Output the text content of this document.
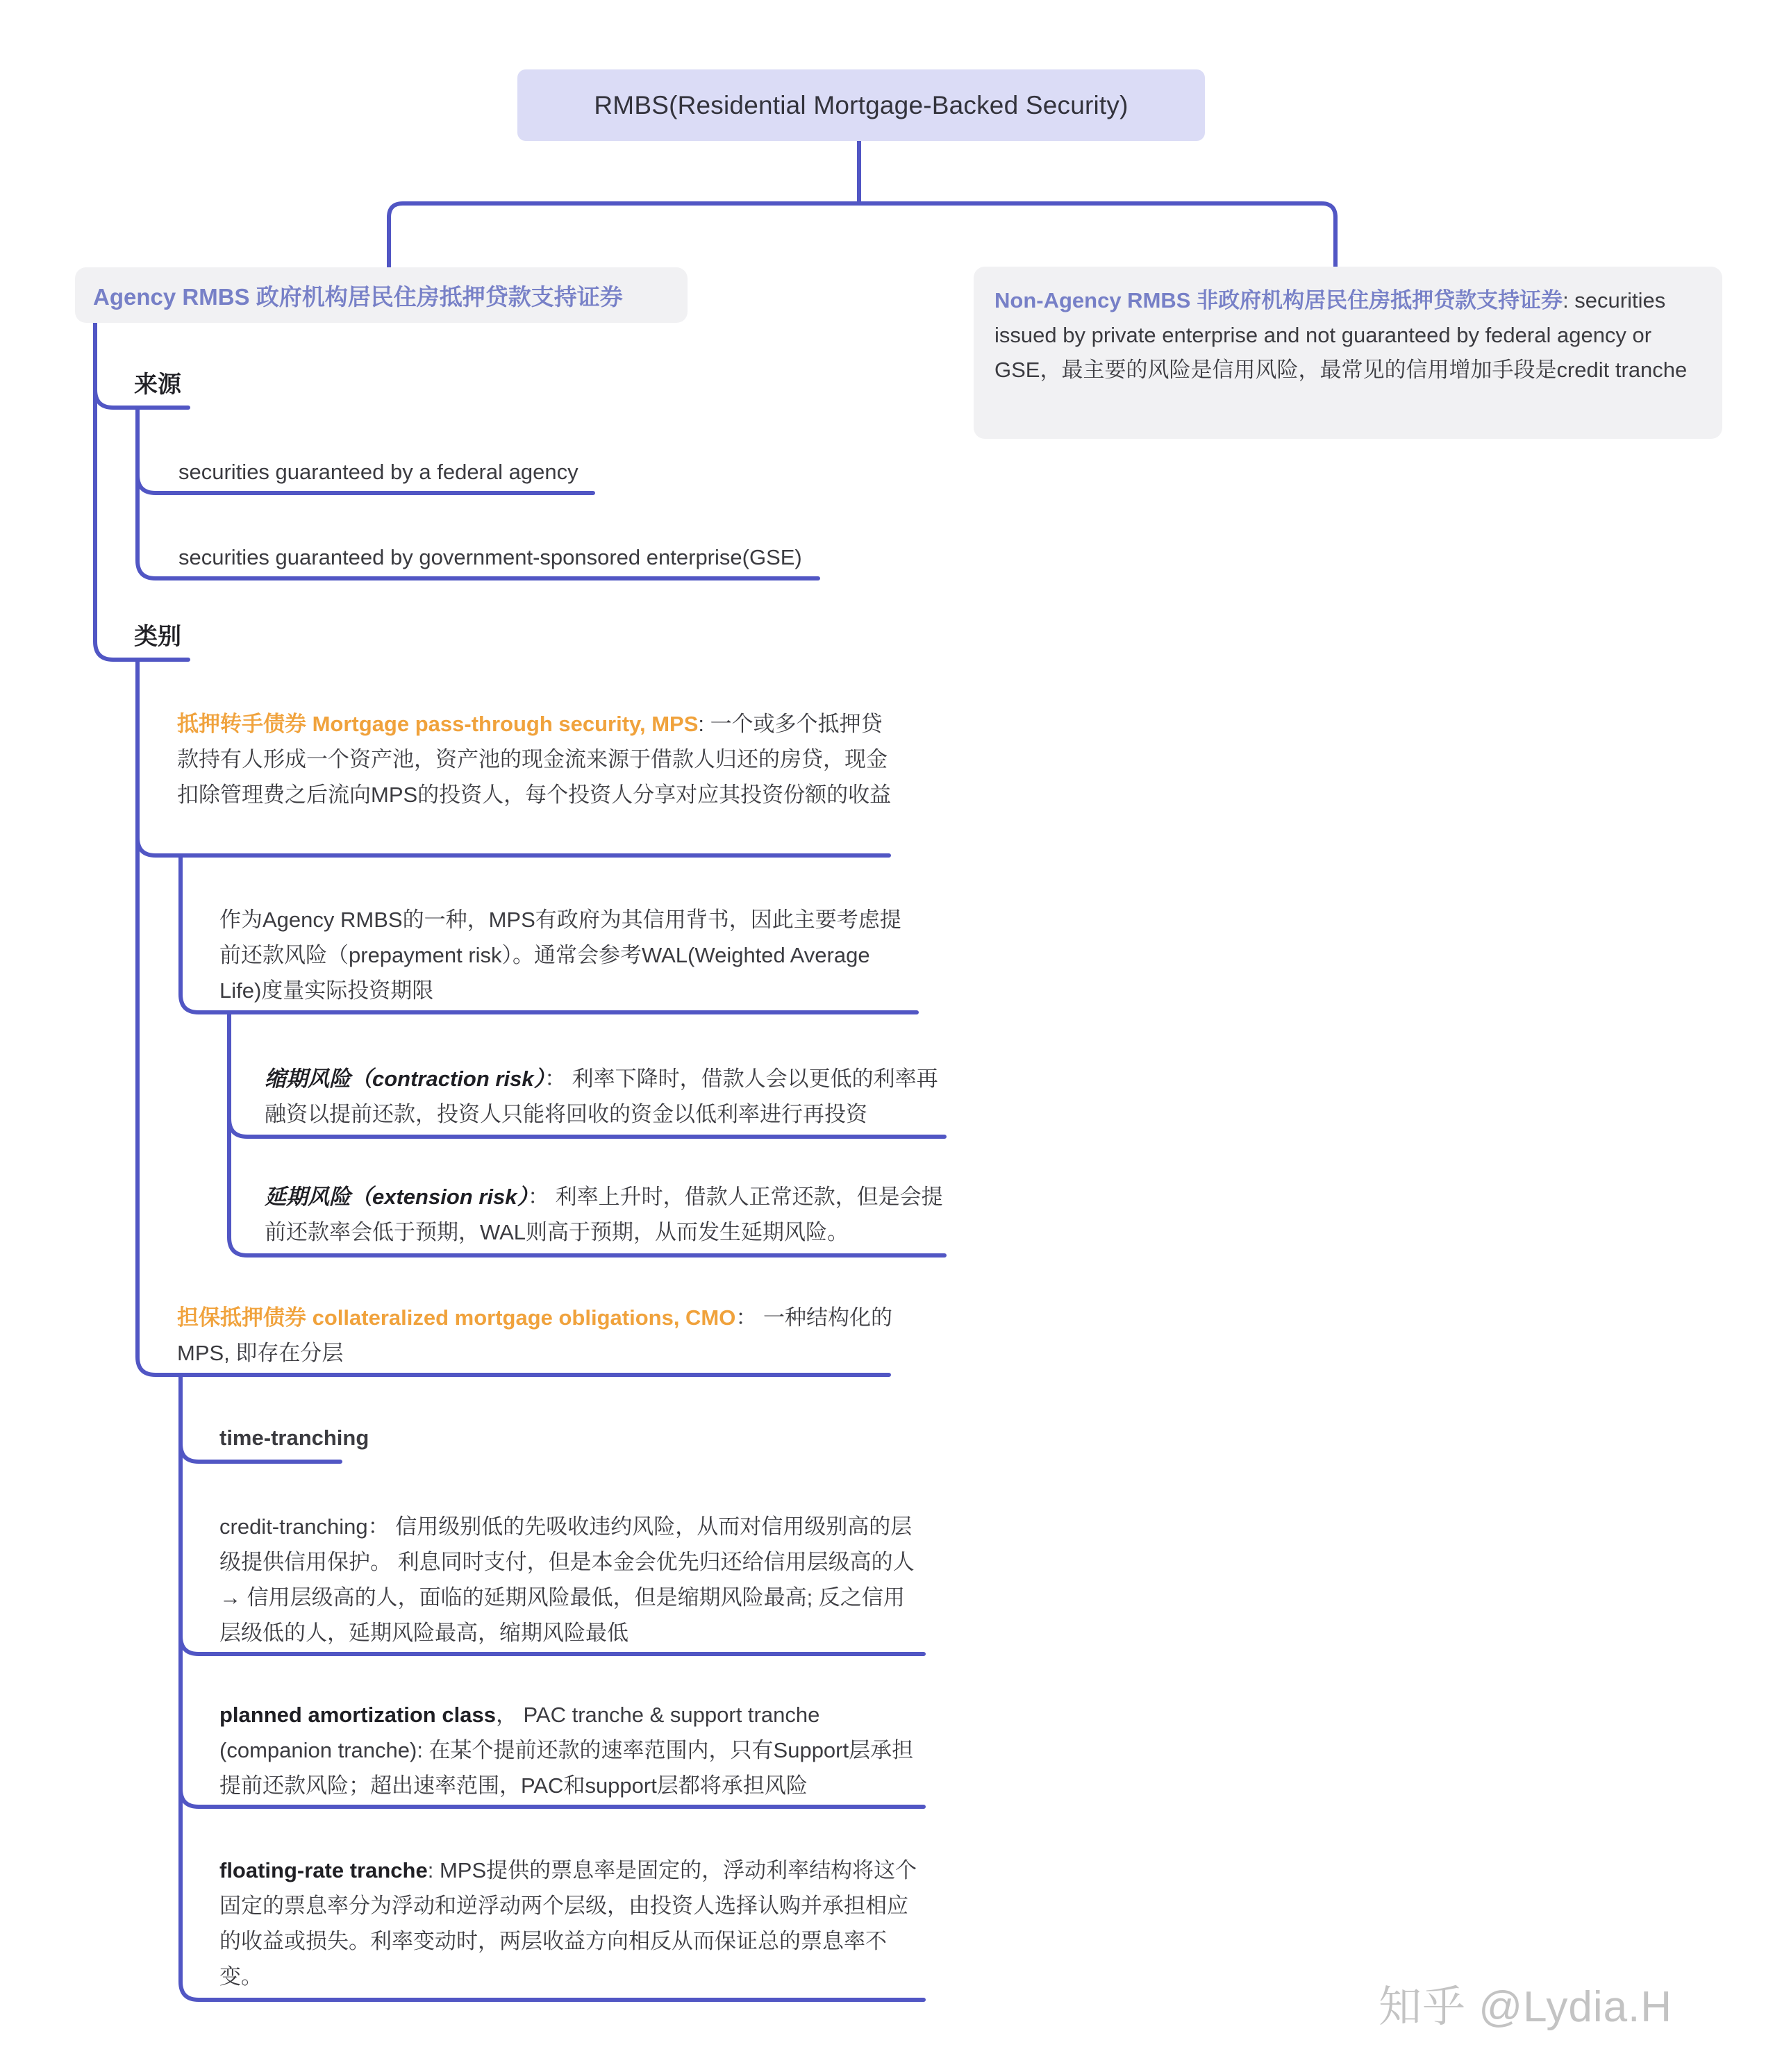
RMBS(Residential Mortgage-Backed Security)
Agency RMBS 政府机构居民住房抵押贷款支持证券	Non-Agency RMBS 非政府机构居民住房抵押贷款支持证券: securities issued by private enterprise and not guaranteed by federal agency or GSE，最主要的风险是信用风险，最常见的信用增加手段是credit tranche
来源
securities guaranteed by a federal agency
securities guaranteed by government-sponsored enterprise(GSE)
类别
抵押转手债券 Mortgage pass-through security, MPS: 一个或多个抵押贷款持有人形成一个资产池，资产池的现金流来源于借款人归还的房贷，现金扣除管理费之后流向MPS的投资人，每个投资人分享对应其投资份额的收益
作为Agency RMBS的一种，MPS有政府为其信用背书，因此主要考虑提前还款风险（prepayment risk）。通常会参考WAL(Weighted Average Life)度量实际投资期限
缩期风险（contraction risk）： 利率下降时，借款人会以更低的利率再融资以提前还款，投资人只能将回收的资金以低利率进行再投资
延期风险（extension risk）： 利率上升时，借款人正常还款，但是会提前还款率会低于预期，WAL则高于预期，从而发生延期风险。
担保抵押债券 collateralized mortgage obligations, CMO： 一种结构化的MPS, 即存在分层
time-tranching
credit-tranching： 信用级别低的先吸收违约风险，从而对信用级别高的层级提供信用保护。 利息同时支付，但是本金会优先归还给信用层级高的人→ 信用层级高的人，面临的延期风险最低，但是缩期风险最高; 反之信用层级低的人，延期风险最高，缩期风险最低
planned amortization class， PAC tranche & support tranche (companion tranche): 在某个提前还款的速率范围内，只有Support层承担提前还款风险；超出速率范围，PAC和support层都将承担风险
floating-rate tranche: MPS提供的票息率是固定的，浮动利率结构将这个固定的票息率分为浮动和逆浮动两个层级，由投资人选择认购并承担相应的收益或损失。利率变动时，两层收益方向相反从而保证总的票息率不变。
知乎 @Lydia.H
